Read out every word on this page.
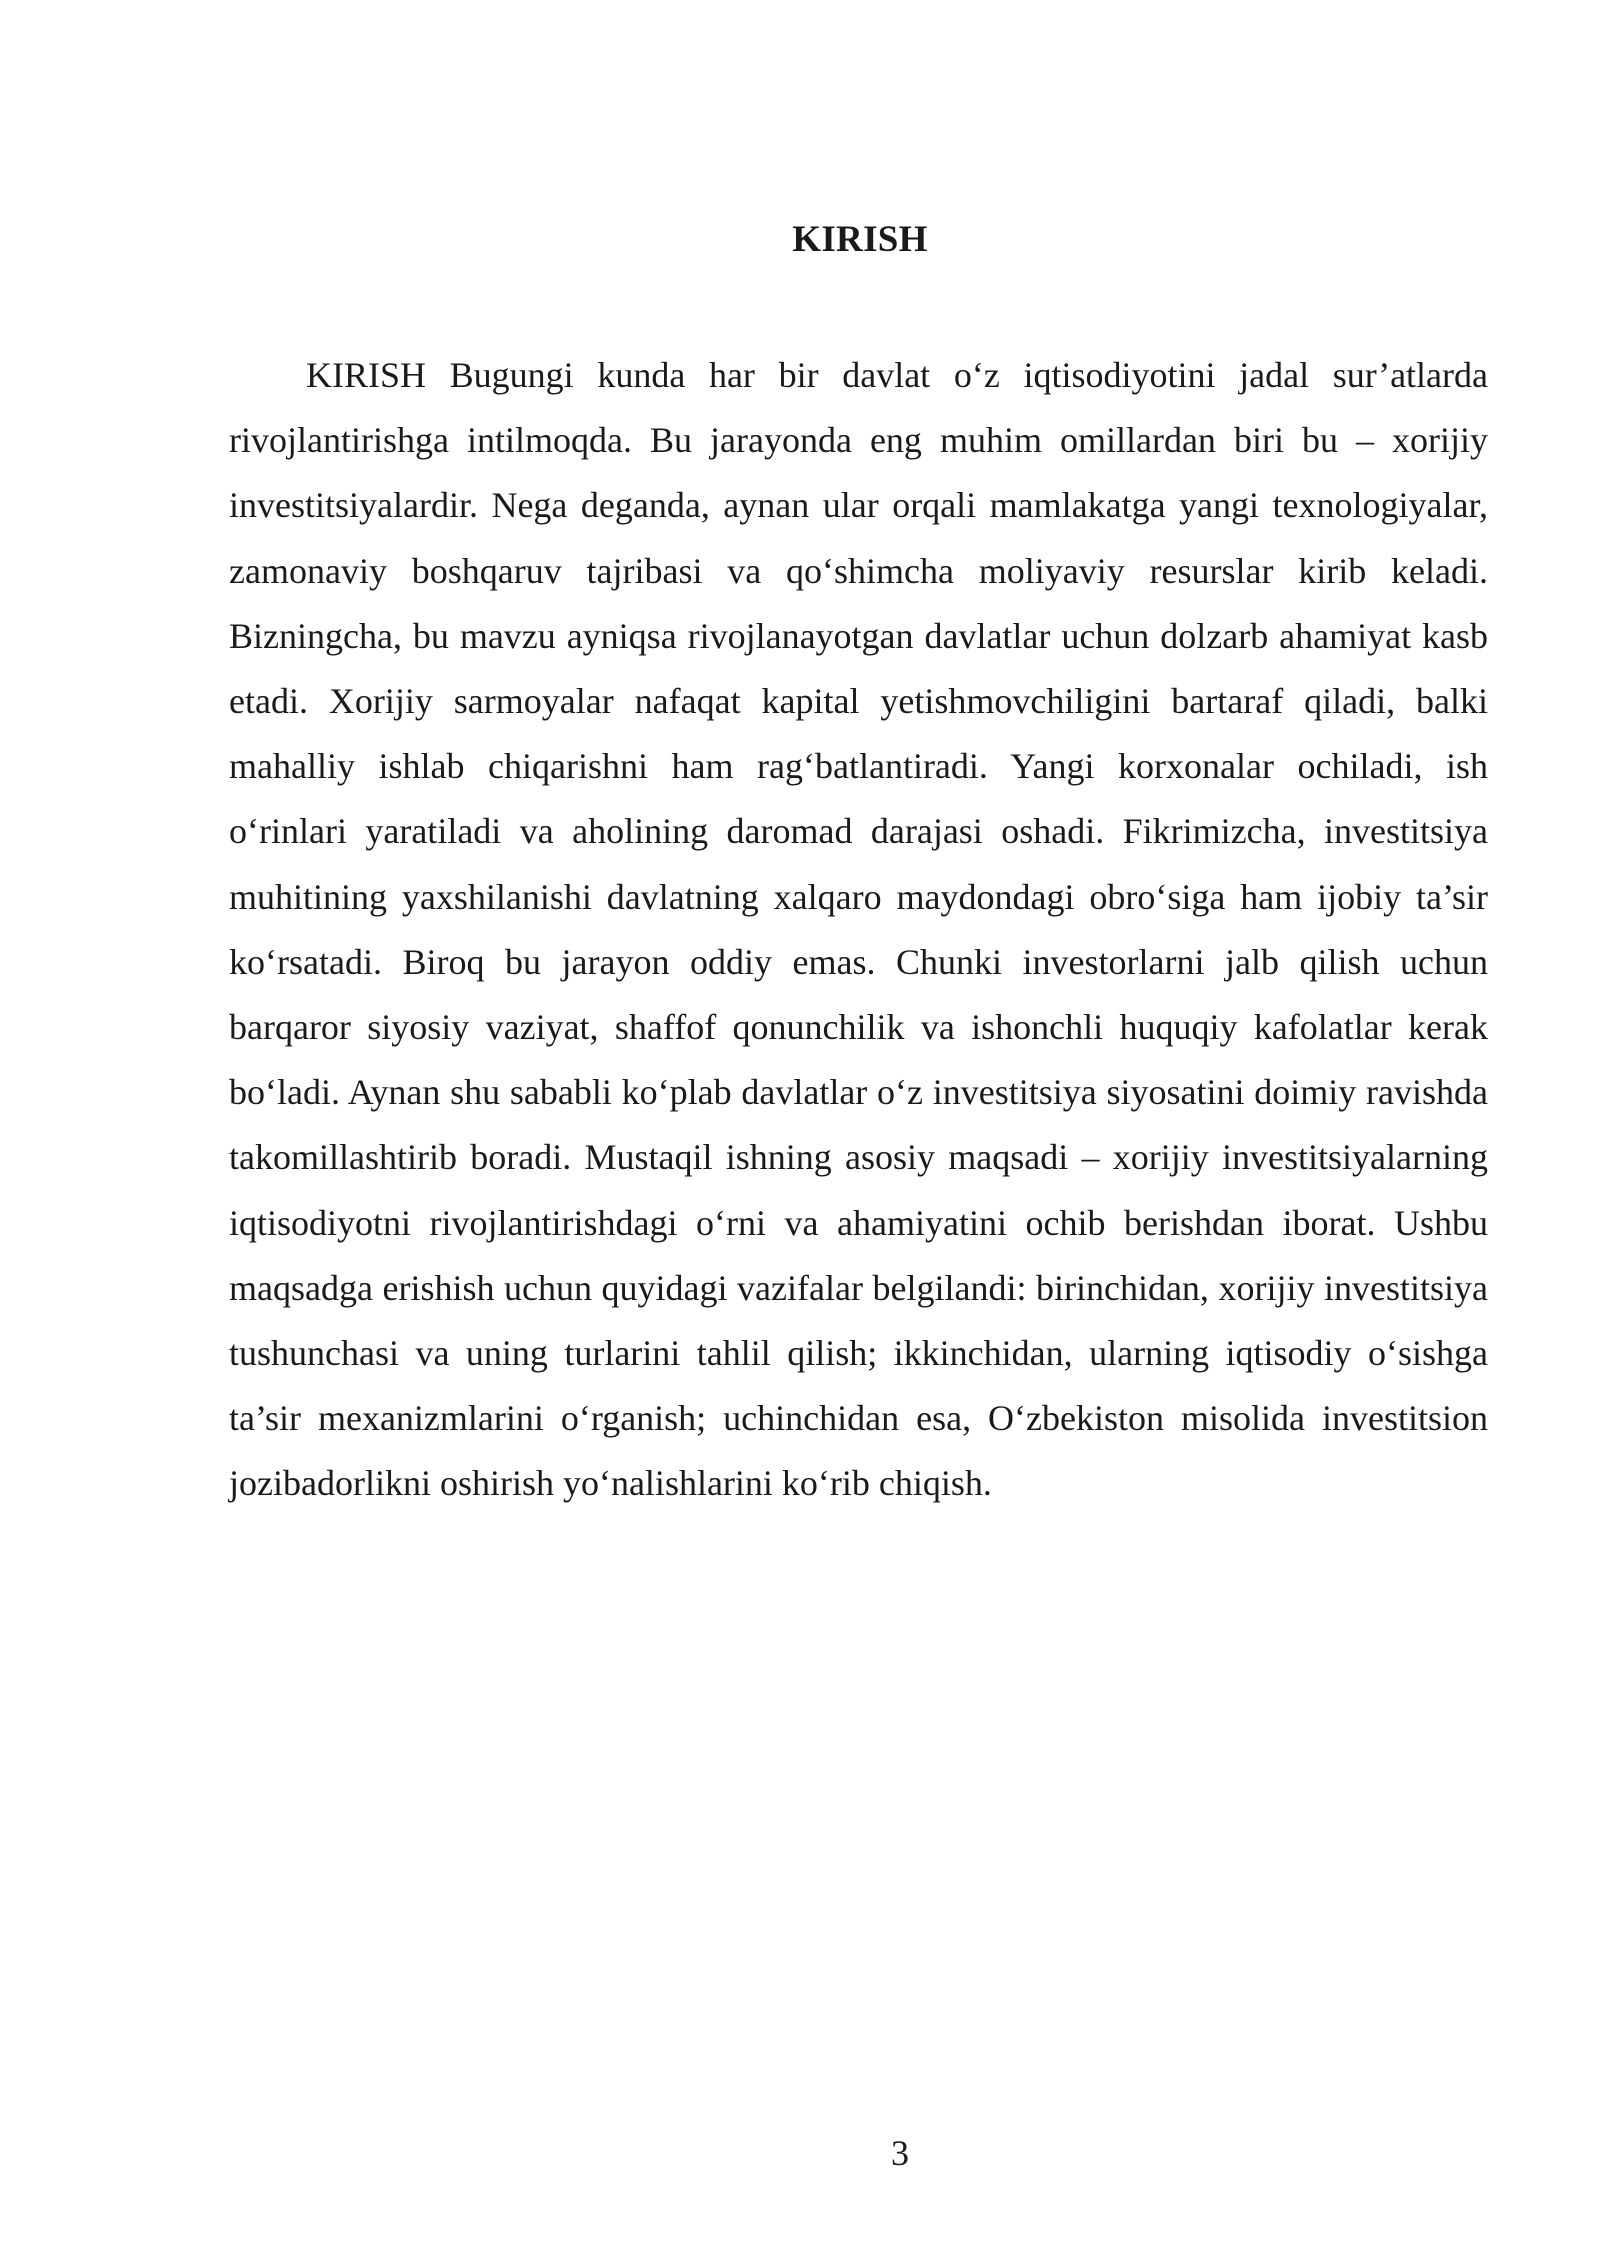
KIRISH

KIRISH Bugungi kunda har bir davlat o‘z iqtisodiyotini jadal sur’atlarda rivojlantirishga intilmoqda. Bu jarayonda eng muhim omillardan biri bu – xorijiy investitsiyalardir. Nega deganda, aynan ular orqali mamlakatga yangi texnologiyalar, zamonaviy boshqaruv tajribasi va qo‘shimcha moliyaviy resurslar kirib keladi. Bizningcha, bu mavzu ayniqsa rivojlanayotgan davlatlar uchun dolzarb ahamiyat kasb etadi. Xorijiy sarmoyalar nafaqat kapital yetishmovchiligini bartaraf qiladi, balki mahalliy ishlab chiqarishni ham rag‘batlantiradi. Yangi korxonalar ochiladi, ish o‘rinlari yaratiladi va aholining daromad darajasi oshadi. Fikrimizcha, investitsiya muhitining yaxshilanishi davlatning xalqaro maydondagi obro‘siga ham ijobiy ta’sir ko‘rsatadi. Biroq bu jarayon oddiy emas. Chunki investorlarni jalb qilish uchun barqaror siyosiy vaziyat, shaffof qonunchilik va ishonchli huquqiy kafolatlar kerak bo‘ladi. Aynan shu sababli ko‘plab davlatlar o‘z investitsiya siyosatini doimiy ravishda takomillashtirib boradi. Mustaqil ishning asosiy maqsadi – xorijiy investitsiyalarning iqtisodiyotni rivojlantirishdagi o‘rni va ahamiyatini ochib berishdan iborat. Ushbu maqsadga erishish uchun quyidagi vazifalar belgilandi: birinchidan, xorijiy investitsiya tushunchasi va uning turlarini tahlil qilish; ikkinchidan, ularning iqtisodiy o‘sishga ta’sir mexanizmlarini o‘rganish; uchinchidan esa, O‘zbekiston misolida investitsion jozibadorlikni oshirish yo‘nalishlarini ko‘rib chiqish.

3
